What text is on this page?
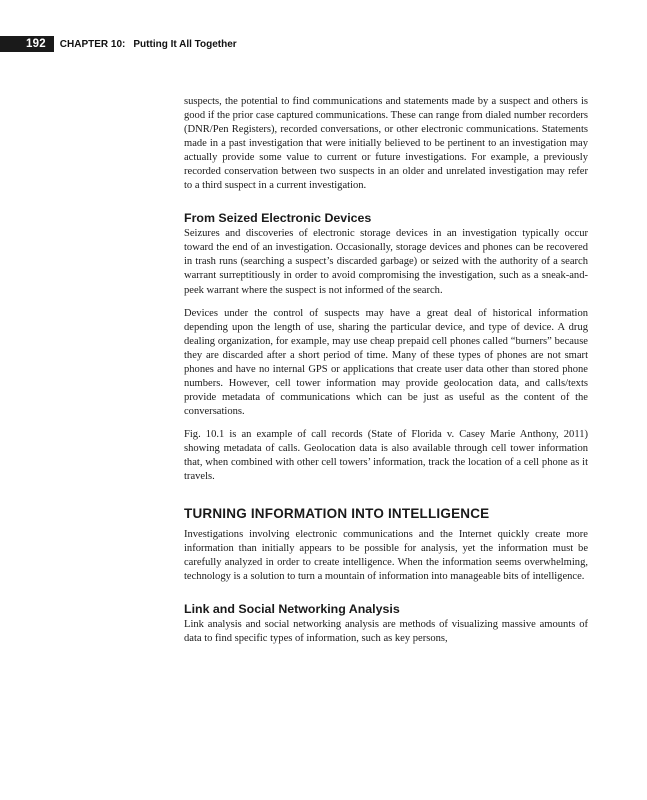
192	CHAPTER 10: Putting It All Together

suspects, the potential to find communications and statements made by a suspect and others is good if the prior case captured communications. These can range from dialed number recorders (DNR/Pen Registers), recorded conversations, or other electronic communications. Statements made in a past investigation that were initially believed to be pertinent to an investigation may actually provide some value to current or future investigations. For example, a previously recorded conservation between two suspects in an older and unrelated investigation may refer to a third suspect in a current investigation.

From Seized Electronic Devices

Seizures and discoveries of electronic storage devices in an investigation typically occur toward the end of an investigation. Occasionally, storage devices and phones can be recovered in trash runs (searching a suspect’s discarded garbage) or seized with the authority of a search warrant surreptitiously in order to avoid compromising the investigation, such as a sneak-and-peek warrant where the suspect is not informed of the search.

Devices under the control of suspects may have a great deal of historical information depending upon the length of use, sharing the particular device, and type of device. A drug dealing organization, for example, may use cheap prepaid cell phones called “burners” because they are discarded after a short period of time. Many of these types of phones are not smart phones and have no internal GPS or applications that create user data other than stored phone numbers. However, cell tower information may provide geolocation data, and calls/texts provide metadata of communications which can be just as useful as the content of the conversations.

Fig. 10.1 is an example of call records (State of Florida v. Casey Marie Anthony, 2011) showing metadata of calls. Geolocation data is also available through cell tower information that, when combined with other cell towers’ information, track the location of a cell phone as it travels.

TURNING INFORMATION INTO INTELLIGENCE

Investigations involving electronic communications and the Internet quickly create more information than initially appears to be possible for analysis, yet the information must be carefully analyzed in order to create intelligence. When the information seems overwhelming, technology is a solution to turn a mountain of information into manageable bits of intelligence.

Link and Social Networking Analysis

Link analysis and social networking analysis are methods of visualizing massive amounts of data to find specific types of information, such as key persons,
